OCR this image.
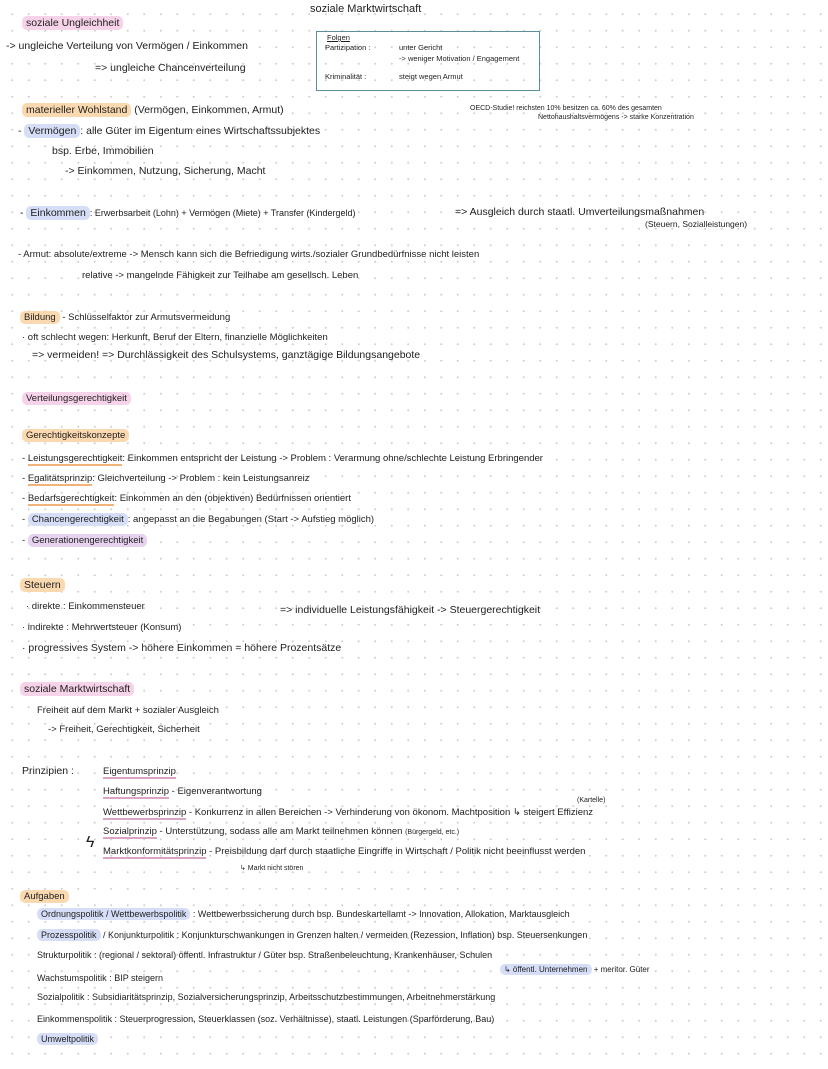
soziale Marktwirtschaft
soziale Ungleichheit
-> ungleiche Verteilung von Vermögen / Einkommen
=> ungleiche Chancenverteilung
Folgen
Partizipation :	unter Gericht
-> weniger Motivation / Engagement
Kriminalität :	steigt wegen Armut
materieller Wohlstand (Vermögen, Einkommen, Armut)	OECD-Studie! reichsten 10% besitzen ca. 60% des gesamten
Nettohaushaltsvermögens -> starke Konzentration
- Vermögen : alle Güter im Eigentum eines Wirtschaftssubjektes
bsp. Erbe, Immobilien
-> Einkommen, Nutzung, Sicherung, Macht
- Einkommen : Erwerbsarbeit (Lohn) + Vermögen (Miete) + Transfer (Kindergeld)	=> Ausgleich durch staatl. Umverteilungsmaßnahmen
(Steuern, Sozialleistungen)
- Armut: absolute/extreme -> Mensch kann sich die Befriedigung wirts./sozialer Grundbedürfnisse nicht leisten
relative -> mangelnde Fähigkeit zur Teilhabe am gesellsch. Leben
Bildung - Schlüsselfaktor zur Armutsvermeidung
· oft schlecht wegen: Herkunft, Beruf der Eltern, finanzielle Möglichkeiten
=> vermeiden! => Durchlässigkeit des Schulsystems, ganztägige Bildungsangebote
Verteilungsgerechtigkeit
Gerechtigkeitskonzepte
- Leistungsgerechtigkeit: Einkommen entspricht der Leistung -> Problem : Verarmung ohne/schlechte Leistung Erbringender
- Egalitätsprinzip: Gleichverteilung -> Problem : kein Leistungsanreiz
- Bedarfsgerechtigkeit: Einkommen an den (objektiven) Bedürfnissen orientiert
- Chancengerechtigkeit : angepasst an die Begabungen (Start -> Aufstieg möglich)
- Generationengerechtigkeit
Steuern
· direkte : Einkommensteuer	=> individuelle Leistungsfähigkeit -> Steuergerechtigkeit
· indirekte : Mehrwertsteuer (Konsum)
· progressives System -> höhere Einkommen = höhere Prozentsätze
soziale Marktwirtschaft
Freiheit auf dem Markt + sozialer Ausgleich
-> Freiheit, Gerechtigkeit, Sicherheit
Prinzipien :	Eigentumsprinzip
Haftungsprinzip - Eigenverantwortung
(Kartelle)
Wettbewerbsprinzip - Konkurrenz in allen Bereichen -> Verhinderung von ökonom. Machtposition ↳ steigert Effizienz
Sozialprinzip - Unterstützung, sodass alle am Markt teilnehmen können (Bürgergeld, etc.)
ϟ
Marktkonformitätsprinzip - Preisbildung darf durch staatliche Eingriffe in Wirtschaft / Politik nicht beeinflusst werden
↳ Markt nicht stören
Aufgaben
Ordnungspolitik / Wettbewerbspolitik : Wettbewerbssicherung durch bsp. Bundeskartellamt -> Innovation, Allokation, Marktausgleich
Prozesspolitik / Konjunkturpolitik : Konjunkturschwankungen in Grenzen halten / vermeiden (Rezession, Inflation) bsp. Steuersenkungen
Strukturpolitik : (regional / sektoral) öffentl. Infrastruktur / Güter bsp. Straßenbeleuchtung, Krankenhäuser, Schulen
↳ öffentl. Unternehmen + meritor. Güter
Wachstumspolitik : BIP steigern
Sozialpolitik : Subsidiaritätsprinzip, Sozialversicherungsprinzip, Arbeitsschutzbestimmungen, Arbeitnehmerstärkung
Einkommenspolitik : Steuerprogression, Steuerklassen (soz. Verhältnisse), staatl. Leistungen (Sparförderung, Bau)
Umweltpolitik
